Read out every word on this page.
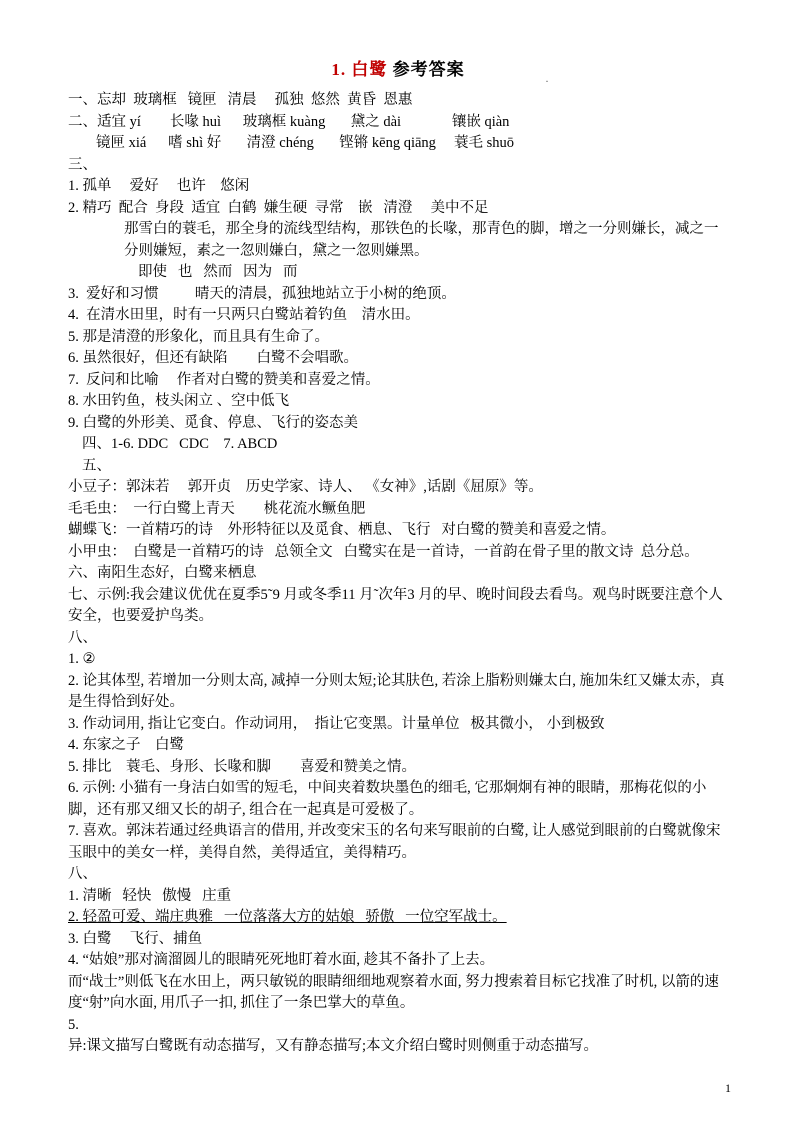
1. 白鹭 参考答案

一、忘却  玻璃框   镜匣   清晨     孤独  悠然  黄昏  恩惠

二、适宜 yí        长喙 huì      玻璃框 kuàng       黛之 dài              镶嵌 qiàn

镜匣 xiá      嗜 shì 好       清澄 chéng       铿锵 kēng qiāng     蓑毛 shuō

三、

1. 孤单     爱好     也许    悠闲

2. 精巧  配合  身段  适宜  白鹤  嫌生硬  寻常    嵌   清澄     美中不足

那雪白的蓑毛，那全身的流线型结构，那铁色的长喙，那青色的脚，增之一分则嫌长，减之一分则嫌短，素之一忽则嫌白，黛之一忽则嫌黑。

即使   也   然而   因为   而

3.  爱好和习惯          晴天的清晨，孤独地站立于小树的绝顶。

4.  在清水田里，时有一只两只白鹭站着钓鱼    清水田。

5. 那是清澄的形象化，而且具有生命了。

6. 虽然很好，但还有缺陷        白鹭不会唱歌。

7.  反问和比喻     作者对白鹭的赞美和喜爱之情。

8. 水田钓鱼，枝头闲立 、空中低飞

9. 白鹭的外形美、觅食、停息、飞行的姿态美

四、1-6. DDC   CDC    7. ABCD

五、

小豆子：郭沫若     郭开贞    历史学家、诗人、 《女神》,话剧《屈原》等。

毛毛虫：  一行白鹭上青天        桃花流水鳜鱼肥

蝴蝶飞：一首精巧的诗    外形特征以及觅食、栖息、飞行   对白鹭的赞美和喜爱之情。

小甲虫：  白鹭是一首精巧的诗   总领全文   白鹭实在是一首诗，一首韵在骨子里的散文诗  总分总。

六、南阳生态好，白鹭来栖息

七、示例:我会建议优优在夏季5˜9 月或冬季11 月˜次年3 月的早、晚时间段去看鸟。观鸟时既要注意个人安全，也要爱护鸟类。

八、

1. ②

2. 论其体型, 若增加一分则太高, 减掉一分则太短;论其肤色, 若涂上脂粉则嫌太白, 施加朱红又嫌太赤，真是生得恰到好处。

3. 作动词用, 指让它变白。作动词用，  指让它变黑。计量单位   极其微小， 小到极致

4. 东家之子    白鹭

5. 排比    蓑毛、身形、长喙和脚        喜爱和赞美之情。

6. 示例: 小猫有一身洁白如雪的短毛，中间夹着数块墨色的细毛, 它那炯炯有神的眼睛，那梅花似的小脚，还有那又细又长的胡子, 组合在一起真是可爱极了。

7. 喜欢。郭沫若通过经典语言的借用, 并改变宋玉的名句来写眼前的白鹭, 让人感觉到眼前的白鹭就像宋玉眼中的美女一样，美得自然，美得适宜，美得精巧。

八、

1. 清晰   轻快   傲慢   庄重

2. 轻盈可爱、端庄典雅   一位落落大方的姑娘   骄傲   一位空军战士。

3. 白鹭     飞行、捕鱼

4. “姑娘”那对滴溜圆儿的眼睛死死地盯着水面, 趁其不备扑了上去。

而“战士”则低飞在水田上，两只敏锐的眼睛细细地观察着水面, 努力搜索着目标它找准了时机, 以箭的速度“射”向水面, 用爪子一扣, 抓住了一条巴掌大的草鱼。

5.

异:课文描写白鹭既有动态描写，又有静态描写;本文介绍白鹭时则侧重于动态描写。

·
1
